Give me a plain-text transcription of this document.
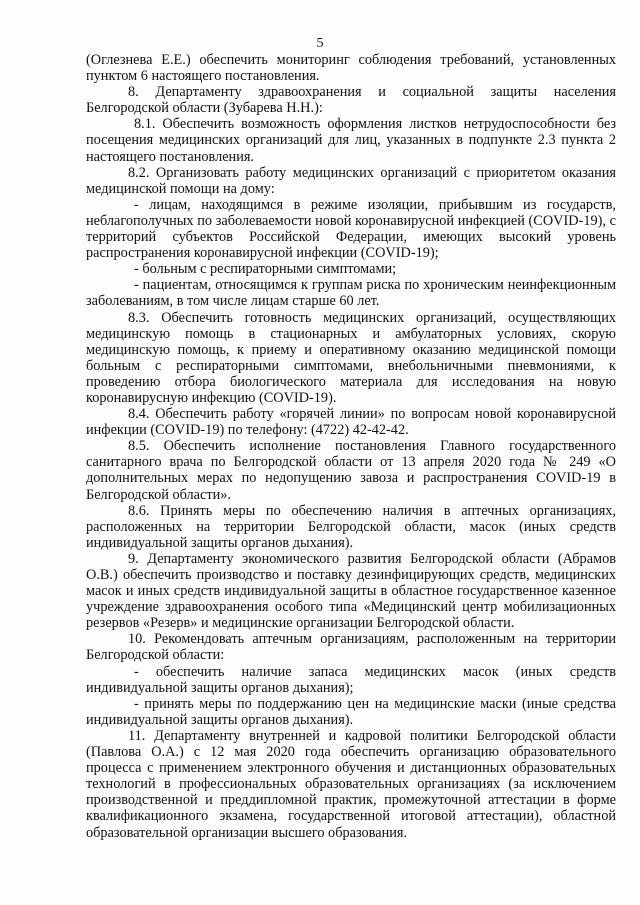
5

(Оглезнева Е.Е.) обеспечить мониторинг соблюдения требований, установленных пунктом 6 настоящего постановления.

8. Департаменту здравоохранения и социальной защиты населения Белгородской области (Зубарева Н.Н.):

8.1. Обеспечить возможность оформления листков нетрудоспособности без посещения медицинских организаций для лиц, указанных в подпункте 2.3 пункта 2 настоящего постановления.

8.2. Организовать работу медицинских организаций с приоритетом оказания медицинской помощи на дому:

- лицам, находящимся в режиме изоляции, прибывшим из государств, неблагополучных по заболеваемости новой коронавирусной инфекцией (COVID-19), с территорий субъектов Российской Федерации, имеющих высокий уровень распространения коронавирусной инфекции (COVID-19);

- больным с респираторными симптомами;

- пациентам, относящимся к группам риска по хроническим неинфекционным заболеваниям, в том числе лицам старше 60 лет.

8.3. Обеспечить готовность медицинских организаций, осуществляющих медицинскую помощь в стационарных и амбулаторных условиях, скорую медицинскую помощь, к приему и оперативному оказанию медицинской помощи больным с респираторными симптомами, внебольничными пневмониями, к проведению отбора биологического материала для исследования на новую коронавирусную инфекцию (COVID-19).

8.4. Обеспечить работу «горячей линии» по вопросам новой коронавирусной инфекции (COVID-19) по телефону: (4722) 42-42-42.

8.5. Обеспечить исполнение постановления Главного государственного санитарного врача по Белгородской области от 13 апреля 2020 года № 249 «О дополнительных мерах по недопущению завоза и распространения COVID-19 в Белгородской области».

8.6. Принять меры по обеспечению наличия в аптечных организациях, расположенных на территории Белгородской области, масок (иных средств индивидуальной защиты органов дыхания).

9. Департаменту экономического развития Белгородской области (Абрамов О.В.) обеспечить производство и поставку дезинфицирующих средств, медицинских масок и иных средств индивидуальной защиты в областное государственное казенное учреждение здравоохранения особого типа «Медицинский центр мобилизационных резервов «Резерв» и медицинские организации Белгородской области.

10. Рекомендовать аптечным организациям, расположенным на территории Белгородской области:

- обеспечить наличие запаса медицинских масок (иных средств индивидуальной защиты органов дыхания);

- принять меры по поддержанию цен на медицинские маски (иные средства индивидуальной защиты органов дыхания).

11. Департаменту внутренней и кадровой политики Белгородской области (Павлова О.А.) с 12 мая 2020 года обеспечить организацию образовательного процесса с применением электронного обучения и дистанционных образовательных технологий в профессиональных образовательных организациях (за исключением производственной и преддипломной практик, промежуточной аттестации в форме квалификационного экзамена, государственной итоговой аттестации), областной образовательной организации высшего образования.
